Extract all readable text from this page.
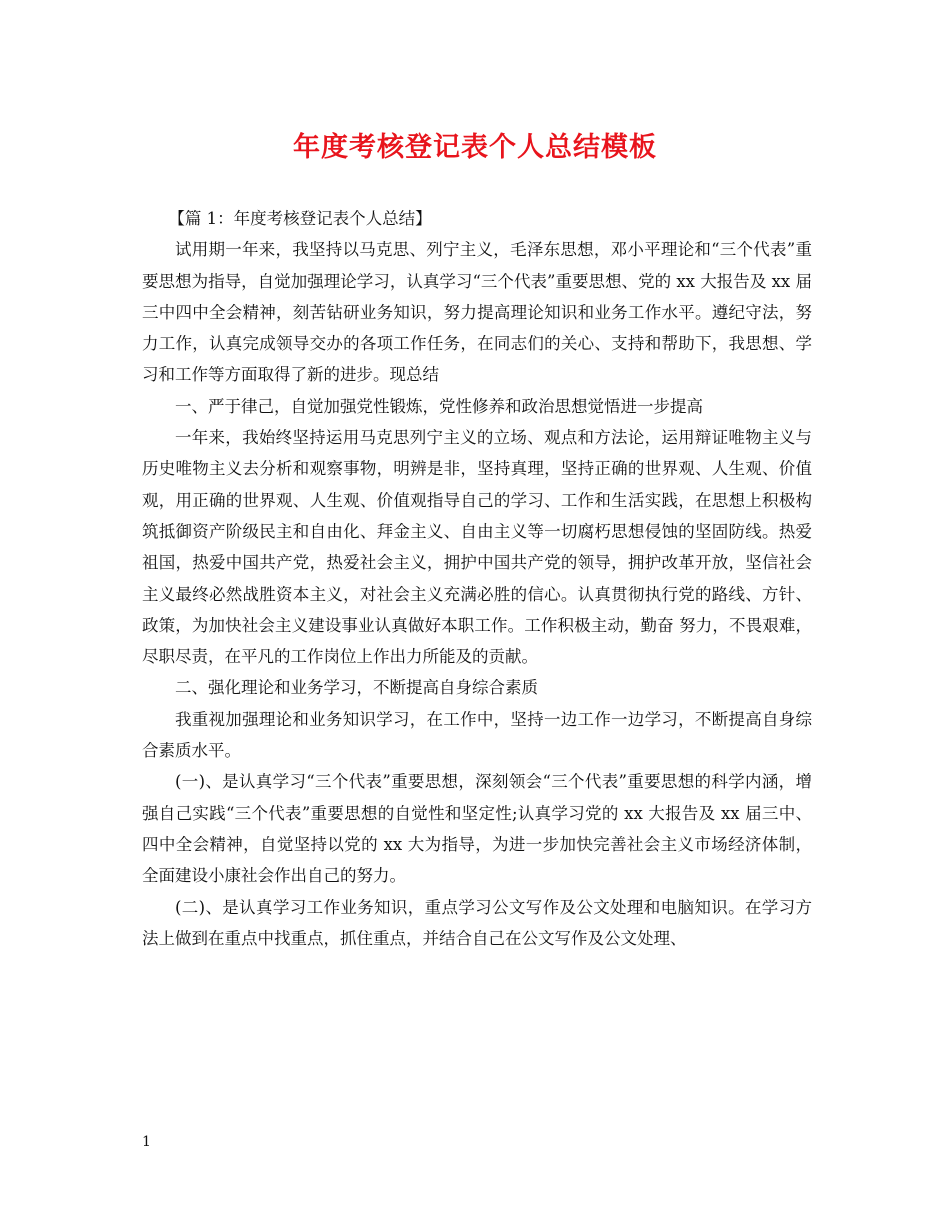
年度考核登记表个人总结模板

【篇 1：年度考核登记表个人总结】

试用期一年来，我坚持以马克思、列宁主义，毛泽东思想，邓小平理论和“三个代表”重要思想为指导，自觉加强理论学习，认真学习“三个代表”重要思想、党的 xx 大报告及 xx 届三中四中全会精神，刻苦钻研业务知识，努力提高理论知识和业务工作水平。遵纪守法，努力工作，认真完成领导交办的各项工作任务，在同志们的关心、支持和帮助下，我思想、学习和工作等方面取得了新的进步。现总结

一、严于律己，自觉加强党性锻炼，党性修养和政治思想觉悟进一步提高

一年来，我始终坚持运用马克思列宁主义的立场、观点和方法论，运用辩证唯物主义与历史唯物主义去分析和观察事物，明辨是非，坚持真理，坚持正确的世界观、人生观、价值观，用正确的世界观、人生观、价值观指导自己的学习、工作和生活实践，在思想上积极构筑抵御资产阶级民主和自由化、拜金主义、自由主义等一切腐朽思想侵蚀的坚固防线。热爱祖国，热爱中国共产党，热爱社会主义，拥护中国共产党的领导，拥护改革开放，坚信社会主义最终必然战胜资本主义，对社会主义充满必胜的信心。认真贯彻执行党的路线、方针、政策，为加快社会主义建设事业认真做好本职工作。工作积极主动，勤奋 努力，不畏艰难，尽职尽责，在平凡的工作岗位上作出力所能及的贡献。

二、强化理论和业务学习，不断提高自身综合素质

我重视加强理论和业务知识学习，在工作中，坚持一边工作一边学习，不断提高自身综合素质水平。

(一)、是认真学习“三个代表”重要思想，深刻领会“三个代表”重要思想的科学内涵，增强自己实践“三个代表”重要思想的自觉性和坚定性;认真学习党的 xx 大报告及 xx 届三中、四中全会精神，自觉坚持以党的 xx 大为指导，为进一步加快完善社会主义市场经济体制，全面建设小康社会作出自己的努力。

(二)、是认真学习工作业务知识，重点学习公文写作及公文处理和电脑知识。在学习方法上做到在重点中找重点，抓住重点，并结合自己在公文写作及公文处理、

1
